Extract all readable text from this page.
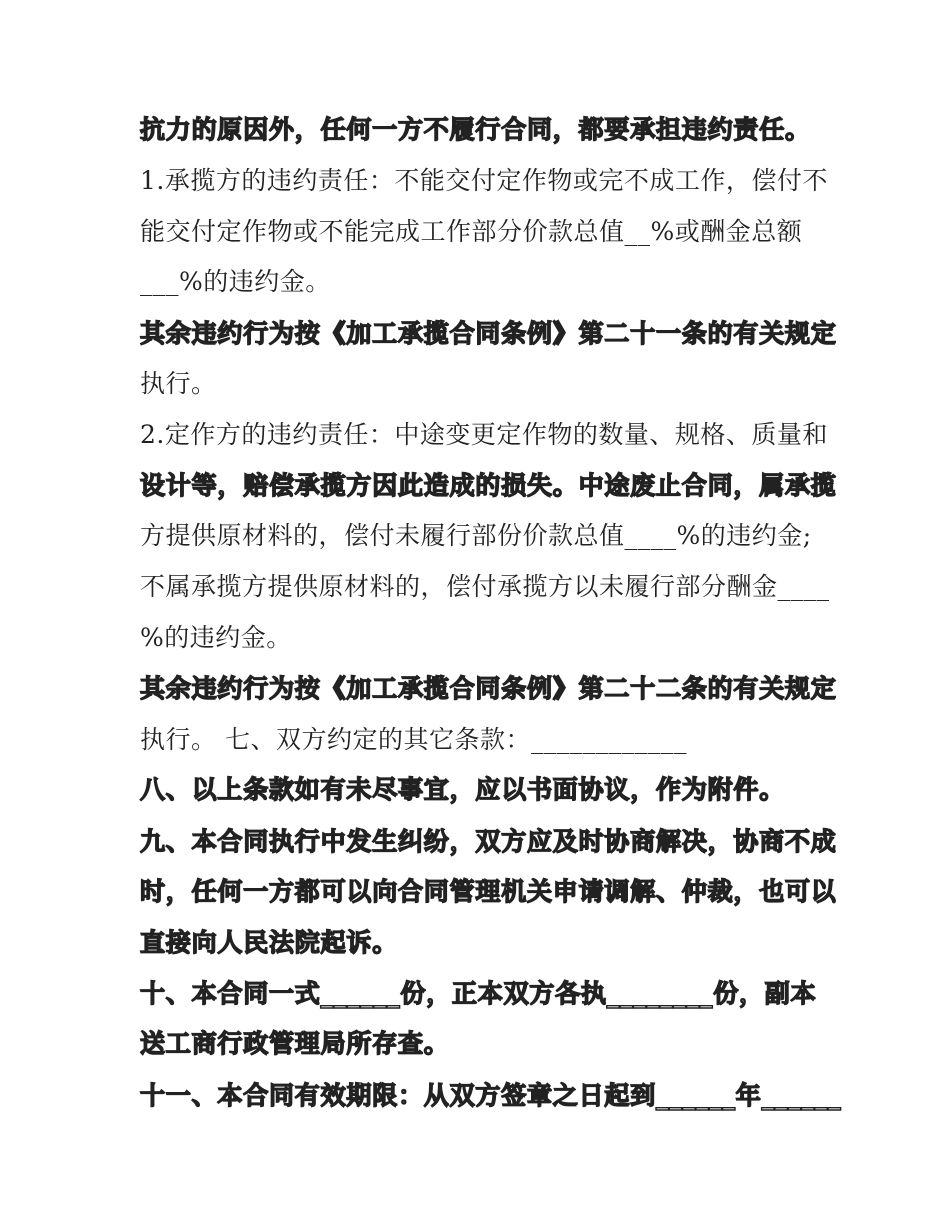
抗力的原因外，任何一方不履行合同，都要承担违约责任。
1.承揽方的违约责任：不能交付定作物或完不成工作，偿付不
能交付定作物或不能完成工作部分价款总值__%或酬金总额
___%的违约金。
其余违约行为按《加工承揽合同条例》第二十一条的有关规定
执行。
2.定作方的违约责任：中途变更定作物的数量、规格、质量和
设计等，赔偿承揽方因此造成的损失。中途废止合同，属承揽
方提供原材料的，偿付未履行部份价款总值____%的违约金;
不属承揽方提供原材料的，偿付承揽方以未履行部分酬金____
%的违约金。
其余违约行为按《加工承揽合同条例》第二十二条的有关规定
执行。 七、双方约定的其它条款：____________
八、以上条款如有未尽事宜，应以书面协议，作为附件。
九、本合同执行中发生纠纷，双方应及时协商解决，协商不成
时，任何一方都可以向合同管理机关申请调解、仲裁，也可以
直接向人民法院起诉。
十、本合同一式______份，正本双方各执________份，副本
送工商行政管理局所存查。
十一、本合同有效期限：从双方签章之日起到______年______
